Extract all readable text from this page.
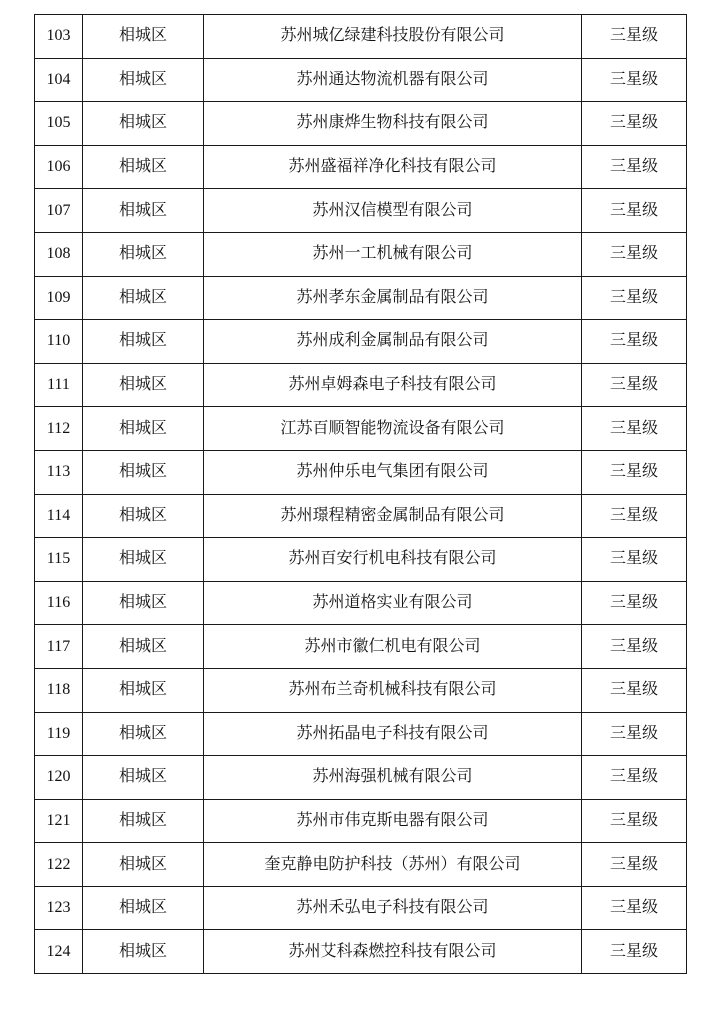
103	相城区	苏州城亿绿建科技股份有限公司	三星级
104	相城区	苏州通达物流机器有限公司	三星级
105	相城区	苏州康烨生物科技有限公司	三星级
106	相城区	苏州盛福祥净化科技有限公司	三星级
107	相城区	苏州汉信模型有限公司	三星级
108	相城区	苏州一工机械有限公司	三星级
109	相城区	苏州孝东金属制品有限公司	三星级
110	相城区	苏州成利金属制品有限公司	三星级
111	相城区	苏州卓姆森电子科技有限公司	三星级
112	相城区	江苏百顺智能物流设备有限公司	三星级
113	相城区	苏州仲乐电气集团有限公司	三星级
114	相城区	苏州璟程精密金属制品有限公司	三星级
115	相城区	苏州百安行机电科技有限公司	三星级
116	相城区	苏州道格实业有限公司	三星级
117	相城区	苏州市徽仁机电有限公司	三星级
118	相城区	苏州布兰奇机械科技有限公司	三星级
119	相城区	苏州拓晶电子科技有限公司	三星级
120	相城区	苏州海强机械有限公司	三星级
121	相城区	苏州市伟克斯电器有限公司	三星级
122	相城区	奎克静电防护科技（苏州）有限公司	三星级
123	相城区	苏州禾弘电子科技有限公司	三星级
124	相城区	苏州艾科森燃控科技有限公司	三星级
